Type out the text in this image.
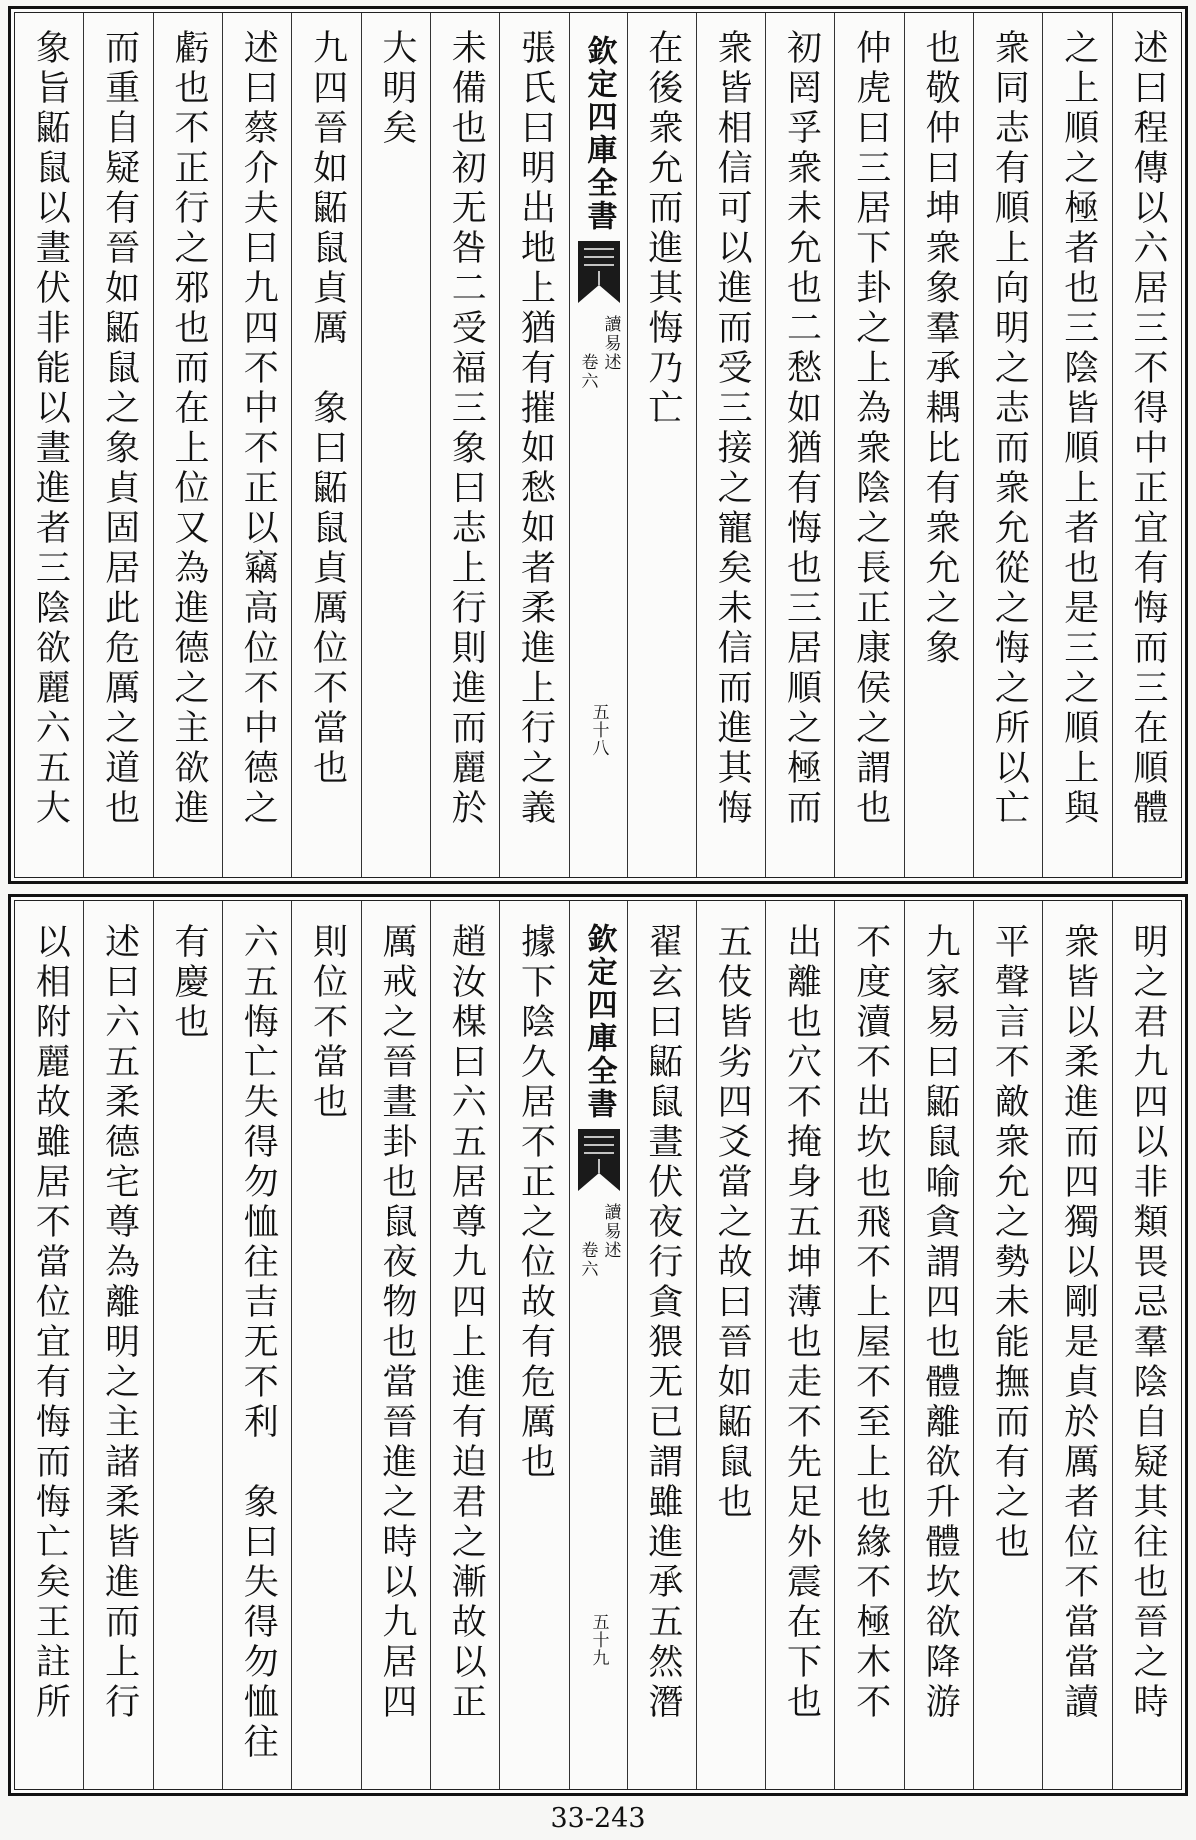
述曰程傳以六居三不得中正宜有悔而三在順體
之上順之極者也三陰皆順上者也是三之順上與
衆同志有順上向明之志而衆允從之悔之所以亡
也敬仲曰坤衆象羣承耦比有衆允之象
仲虎曰三居下卦之上為衆陰之長正康侯之謂也
初罔孚衆未允也二愁如猶有悔也三居順之極而
衆皆相信可以進而受三接之寵矣未信而進其悔
在後衆允而進其悔乃亡
欽定四庫全書
讀易述
卷六
五十八
張氏曰明出地上猶有摧如愁如者柔進上行之義
未備也初无咎二受福三象曰志上行則進而麗於
大明矣
九四晉如鼫鼠貞厲　象曰鼫鼠貞厲位不當也
述曰蔡介夫曰九四不中不正以竊高位不中德之
虧也不正行之邪也而在上位又為進德之主欲進
而重自疑有晉如鼫鼠之象貞固居此危厲之道也
象旨鼫鼠以晝伏非能以晝進者三陰欲麗六五大
明之君九四以非類畏忌羣陰自疑其往也晉之時
衆皆以柔進而四獨以剛是貞於厲者位不當當讀
平聲言不敵衆允之勢未能撫而有之也
九家易曰鼫鼠喻貪謂四也體離欲升體坎欲降游
不度瀆不出坎也飛不上屋不至上也緣不極木不
出離也穴不掩身五坤薄也走不先足外震在下也
五伎皆劣四爻當之故曰晉如鼫鼠也
翟玄曰鼫鼠晝伏夜行貪猥无已謂雖進承五然潛
欽定四庫全書
讀易述
卷六
五十九
據下陰久居不正之位故有危厲也
趙汝楳曰六五居尊九四上進有迫君之漸故以正
厲戒之晉晝卦也鼠夜物也當晉進之時以九居四
則位不當也
六五悔亡失得勿恤往吉无不利　象曰失得勿恤往
有慶也
述曰六五柔德宅尊為離明之主諸柔皆進而上行
以相附麗故雖居不當位宜有悔而悔亡矣王註所
33-243
